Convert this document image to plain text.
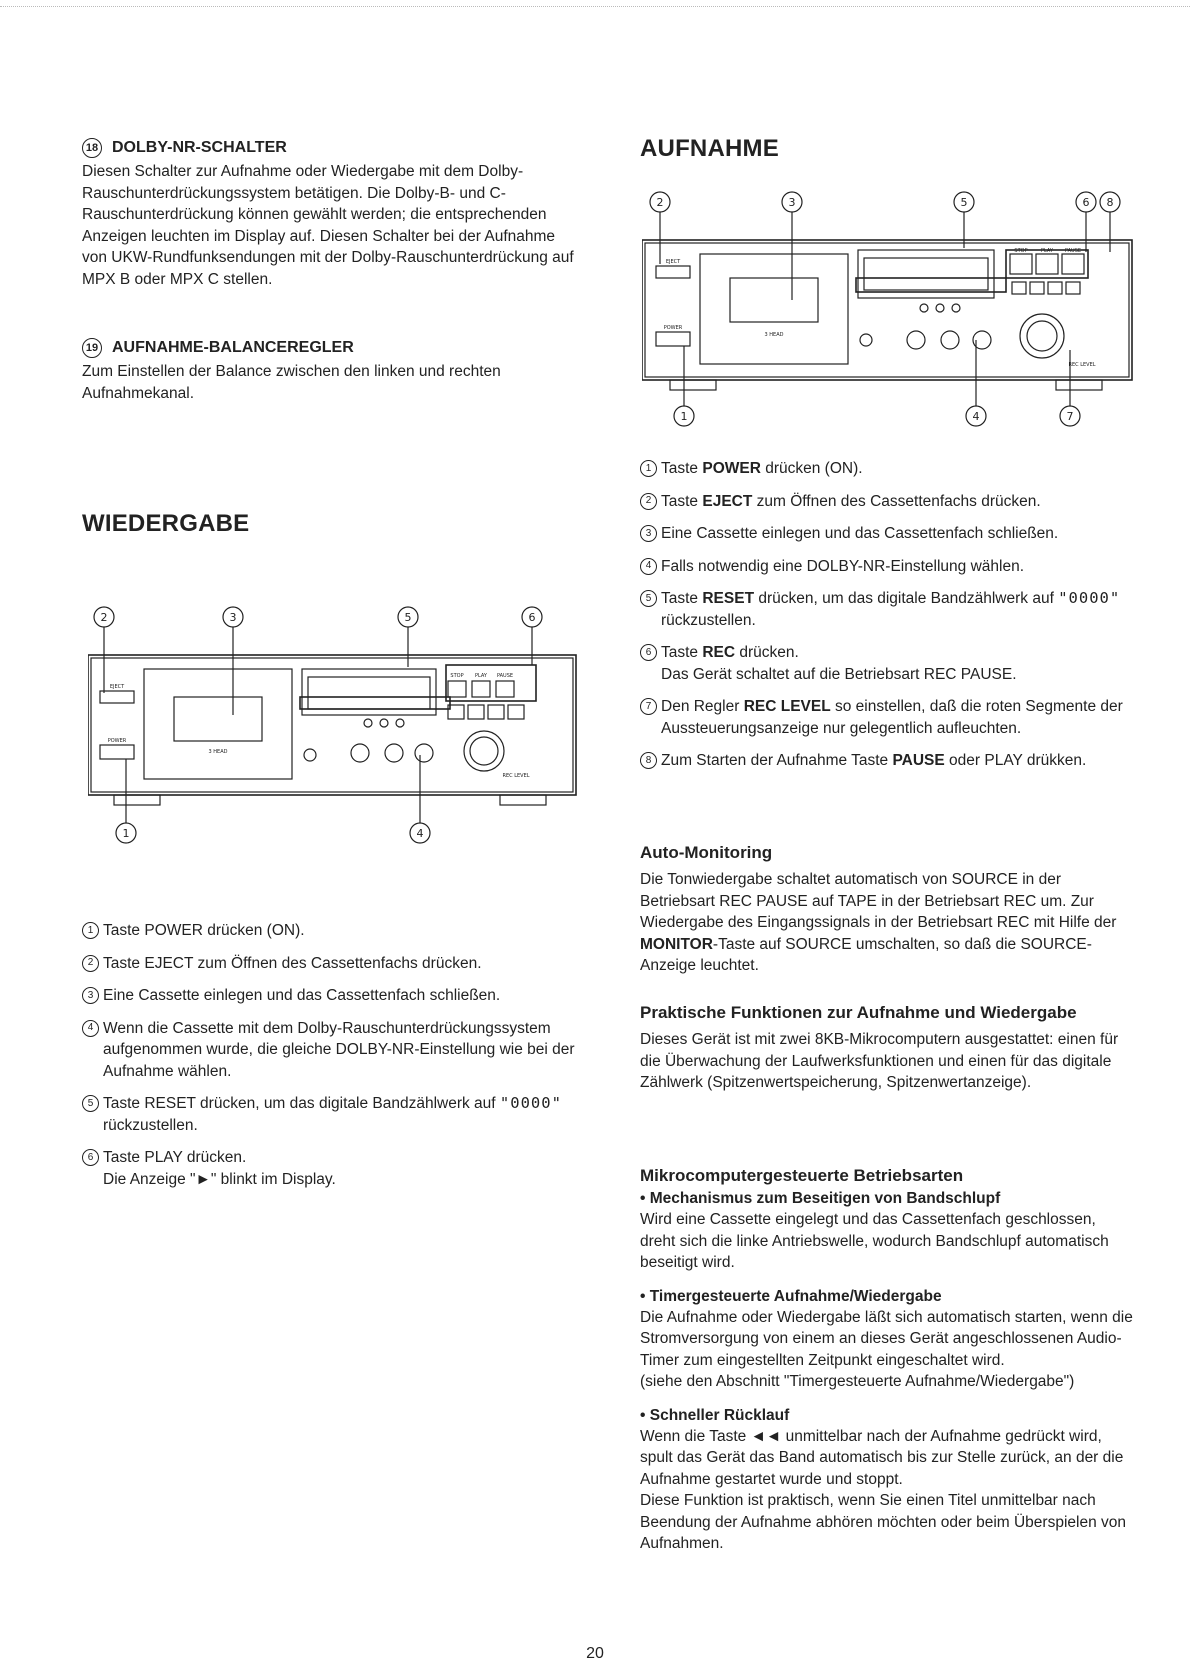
18 DOLBY-NR-SCHALTER

Diesen Schalter zur Aufnahme oder Wiedergabe mit dem Dolby-Rauschunterdrückungssystem betätigen. Die Dolby-B- und C-Rauschunterdrückung können gewählt werden; die entsprechenden Anzeigen leuchten im Display auf. Diesen Schalter bei der Aufnahme von UKW-Rundfunksendungen mit der Dolby-Rauschunterdrückung auf MPX B oder MPX C stellen.

19 AUFNAHME-BALANCEREGLER

Zum Einstellen der Balance zwischen den linken und rechten Aufnahmekanal.

WIEDERGABE
2	3	5	6
1	4
EJECT
POWER
3 HEAD
STOP PLAY PAUSE
REC LEVEL
1 Taste POWER drücken (ON).
2 Taste EJECT zum Öffnen des Cassettenfachs drücken.
3 Eine Cassette einlegen und das Cassettenfach schließen.
4 Wenn die Cassette mit dem Dolby-Rauschunterdrückungssystem aufgenommen wurde, die gleiche DOLBY-NR-Einstellung wie bei der Aufnahme wählen.
5 Taste RESET drücken, um das digitale Bandzählwerk auf "0000" rückzustellen.
6 Taste PLAY drücken.
Die Anzeige "►" blinkt im Display.
AUFNAHME
2	3	5	6 8
1	4	7
EJECT
POWER
3 HEAD
STOP	PLAY PAUSE
REC LEVEL
1 Taste POWER drücken (ON).
2 Taste EJECT zum Öffnen des Cassettenfachs drücken.
3 Eine Cassette einlegen und das Cassettenfach schließen.
4 Falls notwendig eine DOLBY-NR-Einstellung wählen.
5 Taste RESET drücken, um das digitale Bandzählwerk auf "0000" rückzustellen.
6 Taste REC drücken.
Das Gerät schaltet auf die Betriebsart REC PAUSE.
7 Den Regler REC LEVEL so einstellen, daß die roten Segmente der Aussteuerungsanzeige nur gelegentlich aufleuchten.
8 Zum Starten der Aufnahme Taste PAUSE oder PLAY drükken.
Auto-Monitoring

Die Tonwiedergabe schaltet automatisch von SOURCE in der Betriebsart REC PAUSE auf TAPE in der Betriebsart REC um. Zur Wiedergabe des Eingangssignals in der Betriebsart REC mit Hilfe der MONITOR-Taste auf SOURCE umschalten, so daß die SOURCE-Anzeige leuchtet.

Praktische Funktionen zur Aufnahme und Wiedergabe

Dieses Gerät ist mit zwei 8KB-Mikrocomputern ausgestattet: einen für die Überwachung der Laufwerksfunktionen und einen für das digitale Zählwerk (Spitzenwertspeicherung, Spitzenwertanzeige).

Mikrocomputergesteuerte Betriebsarten
• Mechanismus zum Beseitigen von Bandschlupf

Wird eine Cassette eingelegt und das Cassettenfach geschlossen, dreht sich die linke Antriebswelle, wodurch Bandschlupf automatisch beseitigt wird.

• Timergesteuerte Aufnahme/Wiedergabe

Die Aufnahme oder Wiedergabe läßt sich automatisch starten, wenn die Stromversorgung von einem an dieses Gerät angeschlossenen Audio-Timer zum eingestellten Zeitpunkt eingeschaltet wird.

(siehe den Abschnitt "Timergesteuerte Aufnahme/Wiedergabe")

• Schneller Rücklauf

Wenn die Taste ◄◄ unmittelbar nach der Aufnahme gedrückt wird, spult das Gerät das Band automatisch bis zur Stelle zurück, an der die Aufnahme gestartet wurde und stoppt.

Diese Funktion ist praktisch, wenn Sie einen Titel unmittelbar nach Beendung der Aufnahme abhören möchten oder beim Überspielen von Aufnahmen.

20
